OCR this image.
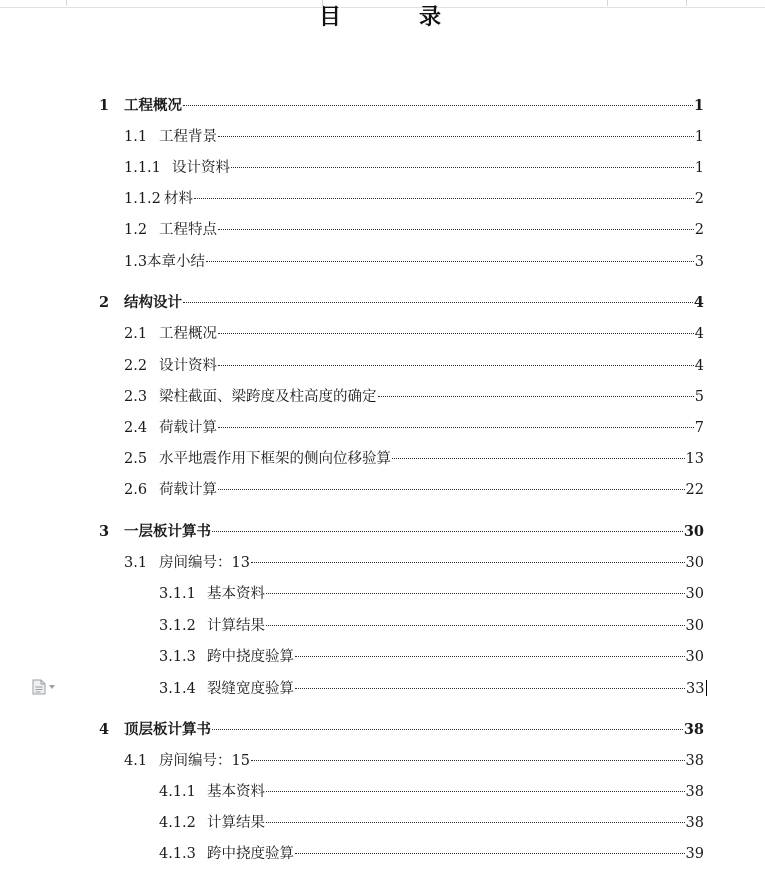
目录
1	工程概况	1
1.1 工程背景	1
1.1.1 设计资料	1
1.1.2 材料	2
1.2 工程特点	2
1.3 本章小结	3
2	结构设计	4
2.1 工程概况	4
2.2 设计资料	4
2.3 梁柱截面、梁跨度及柱高度的确定	5
2.4 荷载计算	7
2.5 水平地震作用下框架的侧向位移验算	13
2.6 荷载计算	22
3	一层板计算书	30
3.1 房间编号：13	30
3.1.1 基本资料	30
3.1.2 计算结果	30
3.1.3 跨中挠度验算	30
3.1.4 裂缝宽度验算	33
4	顶层板计算书	38
4.1 房间编号：15	38
4.1.1 基本资料	38
4.1.2 计算结果	38
4.1.3 跨中挠度验算	39
